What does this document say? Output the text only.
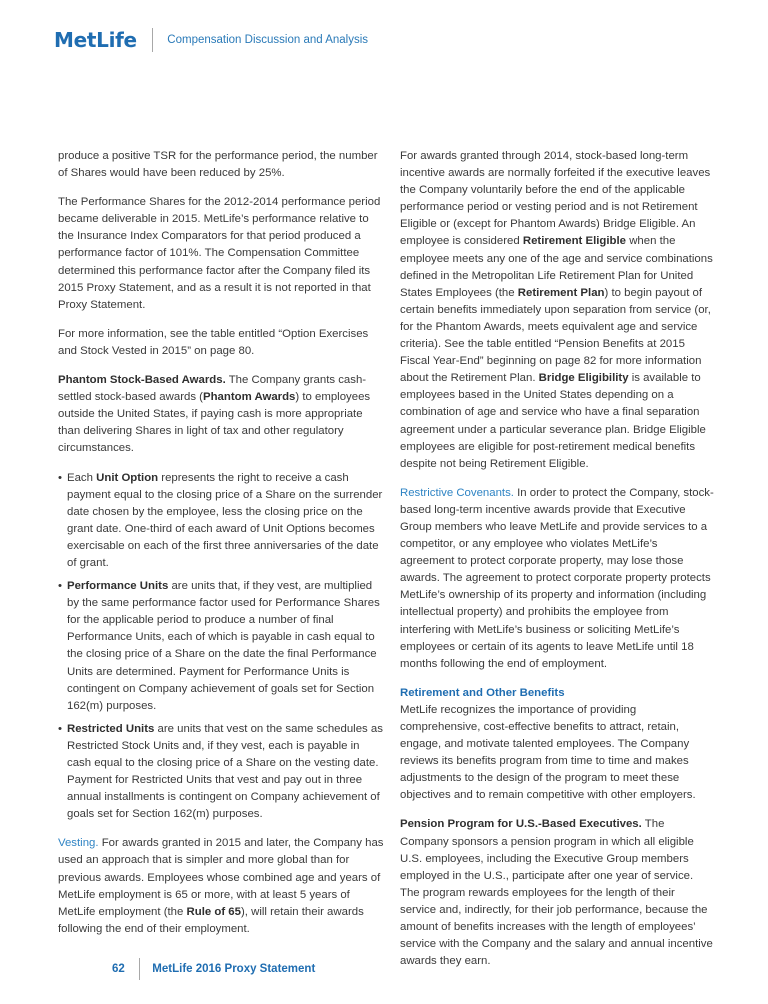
MetLife	Compensation Discussion and Analysis

produce a positive TSR for the performance period, the number of Shares would have been reduced by 25%.

The Performance Shares for the 2012-2014 performance period became deliverable in 2015. MetLife’s performance relative to the Insurance Index Comparators for that period produced a performance factor of 101%. The Compensation Committee determined this performance factor after the Company filed its 2015 Proxy Statement, and as a result it is not reported in that Proxy Statement.

For more information, see the table entitled “Option Exercises and Stock Vested in 2015” on page 80.

Phantom Stock-Based Awards. The Company grants cash-settled stock-based awards (Phantom Awards) to employees outside the United States, if paying cash is more appropriate than delivering Shares in light of tax and other regulatory circumstances.

• Each Unit Option represents the right to receive a cash payment equal to the closing price of a Share on the surrender date chosen by the employee, less the closing price on the grant date. One-third of each award of Unit Options becomes exercisable on each of the first three anniversaries of the date of grant.
• Performance Units are units that, if they vest, are multiplied by the same performance factor used for Performance Shares for the applicable period to produce a number of final Performance Units, each of which is payable in cash equal to the closing price of a Share on the date the final Performance Units are determined. Payment for Performance Units is contingent on Company achievement of goals set for Section 162(m) purposes.
• Restricted Units are units that vest on the same schedules as Restricted Stock Units and, if they vest, each is payable in cash equal to the closing price of a Share on the vesting date. Payment for Restricted Units that vest and pay out in three annual installments is contingent on Company achievement of goals set for Section 162(m) purposes.

Vesting. For awards granted in 2015 and later, the Company has used an approach that is simpler and more global than for previous awards. Employees whose combined age and years of MetLife employment is 65 or more, with at least 5 years of MetLife employment (the Rule of 65), will retain their awards following the end of their employment.

For awards granted through 2014, stock-based long-term incentive awards are normally forfeited if the executive leaves the Company voluntarily before the end of the applicable performance period or vesting period and is not Retirement Eligible or (except for Phantom Awards) Bridge Eligible. An employee is considered Retirement Eligible when the employee meets any one of the age and service combinations defined in the Metropolitan Life Retirement Plan for United States Employees (the Retirement Plan) to begin payout of certain benefits immediately upon separation from service (or, for the Phantom Awards, meets equivalent age and service criteria). See the table entitled “Pension Benefits at 2015 Fiscal Year-End” beginning on page 82 for more information about the Retirement Plan. Bridge Eligibility is available to employees based in the United States depending on a combination of age and service who have a final separation agreement under a particular severance plan. Bridge Eligible employees are eligible for post-retirement medical benefits despite not being Retirement Eligible.

Restrictive Covenants. In order to protect the Company, stock-based long-term incentive awards provide that Executive Group members who leave MetLife and provide services to a competitor, or any employee who violates MetLife’s agreement to protect corporate property, may lose those awards. The agreement to protect corporate property protects MetLife’s ownership of its property and information (including intellectual property) and prohibits the employee from interfering with MetLife’s business or soliciting MetLife’s employees or certain of its agents to leave MetLife until 18 months following the end of employment.

Retirement and Other Benefits

MetLife recognizes the importance of providing comprehensive, cost-effective benefits to attract, retain, engage, and motivate talented employees. The Company reviews its benefits program from time to time and makes adjustments to the design of the program to meet these objectives and to remain competitive with other employers.

Pension Program for U.S.-Based Executives. The Company sponsors a pension program in which all eligible U.S. employees, including the Executive Group members employed in the U.S., participate after one year of service. The program rewards employees for the length of their service and, indirectly, for their job performance, because the amount of benefits increases with the length of employees’ service with the Company and the salary and annual incentive awards they earn.

62 MetLife 2016 Proxy Statement
